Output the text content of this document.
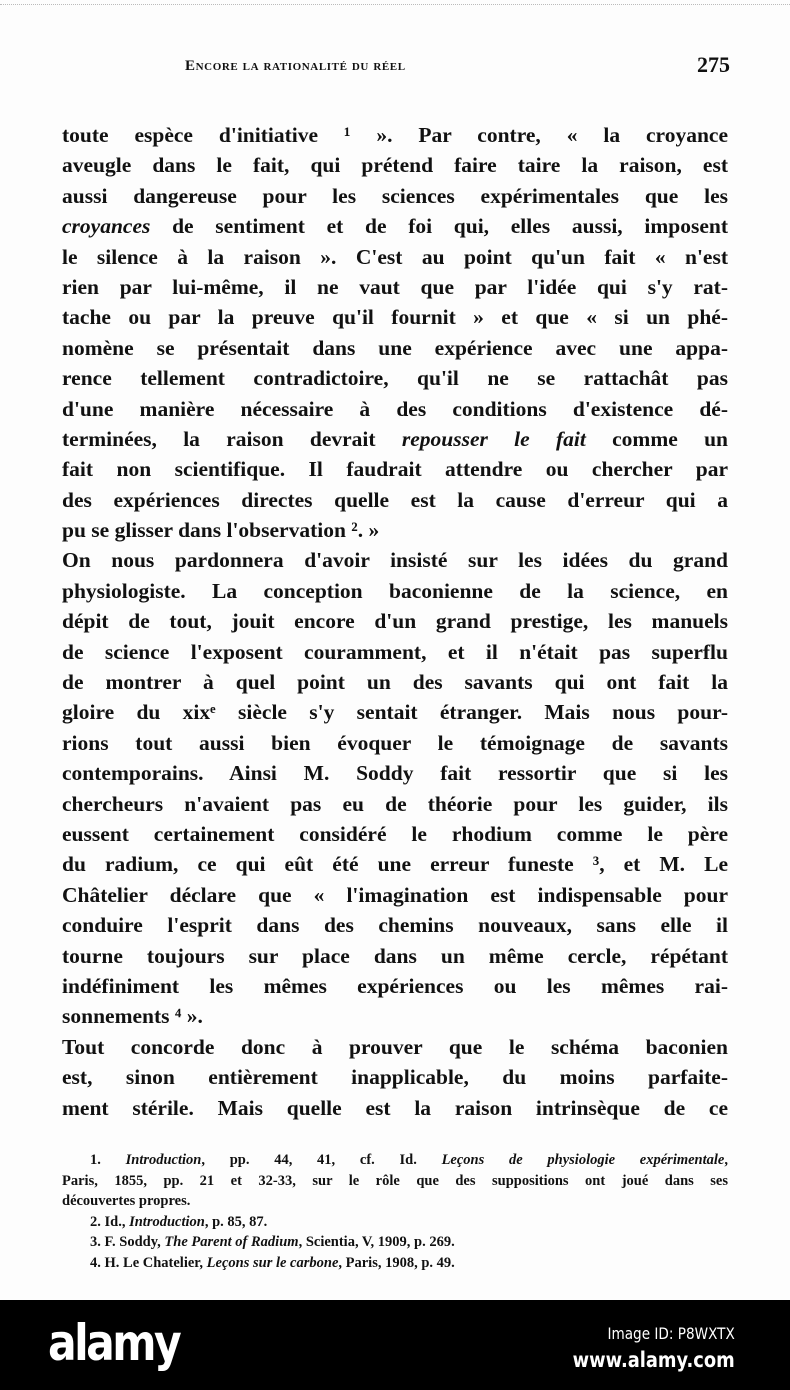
Encore la rationalité du réel	275
toute espèce d'initiative ¹ ». Par contre, « la croyance
aveugle dans le fait, qui prétend faire taire la raison, est
aussi dangereuse pour les sciences expérimentales que les
croyances de sentiment et de foi qui, elles aussi, imposent
le silence à la raison ». C'est au point qu'un fait « n'est
rien par lui-même, il ne vaut que par l'idée qui s'y rat-
tache ou par la preuve qu'il fournit » et que « si un phé-
nomène se présentait dans une expérience avec une appa-
rence tellement contradictoire, qu'il ne se rattachât pas
d'une manière nécessaire à des conditions d'existence dé-
terminées, la raison devrait repousser le fait comme un
fait non scientifique. Il faudrait attendre ou chercher par
des expériences directes quelle est la cause d'erreur qui a
pu se glisser dans l'observation ². »
On nous pardonnera d'avoir insisté sur les idées du grand
physiologiste. La conception baconienne de la science, en
dépit de tout, jouit encore d'un grand prestige, les manuels
de science l'exposent couramment, et il n'était pas superflu
de montrer à quel point un des savants qui ont fait la
gloire du xixᵉ siècle s'y sentait étranger. Mais nous pour-
rions tout aussi bien évoquer le témoignage de savants
contemporains. Ainsi M. Soddy fait ressortir que si les
chercheurs n'avaient pas eu de théorie pour les guider, ils
eussent certainement considéré le rhodium comme le père
du radium, ce qui eût été une erreur funeste ³, et M. Le
Châtelier déclare que « l'imagination est indispensable pour
conduire l'esprit dans des chemins nouveaux, sans elle il
tourne toujours sur place dans un même cercle, répétant
indéfiniment les mêmes expériences ou les mêmes rai-
sonnements ⁴ ».
Tout concorde donc à prouver que le schéma baconien
est, sinon entièrement inapplicable, du moins parfaite-
ment stérile. Mais quelle est la raison intrinsèque de ce
1. Introduction, pp. 44, 41, cf. Id. Leçons de physiologie expérimentale,
Paris, 1855, pp. 21 et 32-33, sur le rôle que des suppositions ont joué dans ses
découvertes propres.
2. Id., Introduction, p. 85, 87.
3. F. Soddy, The Parent of Radium, Scientia, V, 1909, p. 269.
4. H. Le Chatelier, Leçons sur le carbone, Paris, 1908, p. 49.
alamy	Image ID: P8WXTX
www.alamy.com
